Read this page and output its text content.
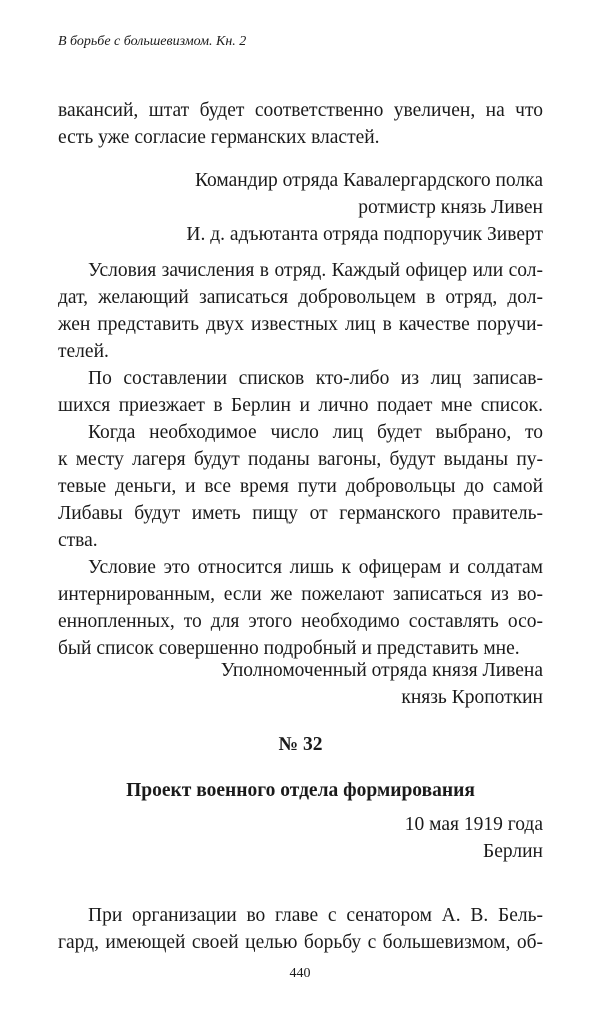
В борьбе с большевизмом. Кн. 2
вакансий, штат будет соответственно увеличен, на что
есть уже согласие германских властей.
Командир отряда Кавалергардского полка
ротмистр князь Ливен
И. д. адъютанта отряда подпоручик Зиверт
Условия зачисления в отряд. Каждый офицер или сол-
дат, желающий записаться добровольцем в отряд, дол-
жен представить двух известных лиц в качестве поручи-
телей.
По составлении списков кто-либо из лиц записав-
шихся приезжает в Берлин и лично подает мне список.
Когда необходимое число лиц будет выбрано, то
к месту лагеря будут поданы вагоны, будут выданы пу-
тевые деньги, и все время пути добровольцы до самой
Либавы будут иметь пищу от германского правитель-
ства.
Условие это относится лишь к офицерам и солдатам
интернированным, если же пожелают записаться из во-
еннопленных, то для этого необходимо составлять осо-
бый список совершенно подробный и представить мне.
Уполномоченный отряда князя Ливена
князь Кропоткин
№ 32
Проект военного отдела формирования
10 мая 1919 года
Берлин
При организации во главе с сенатором А. В. Бель-
гард, имеющей своей целью борьбу с большевизмом, об-
440
